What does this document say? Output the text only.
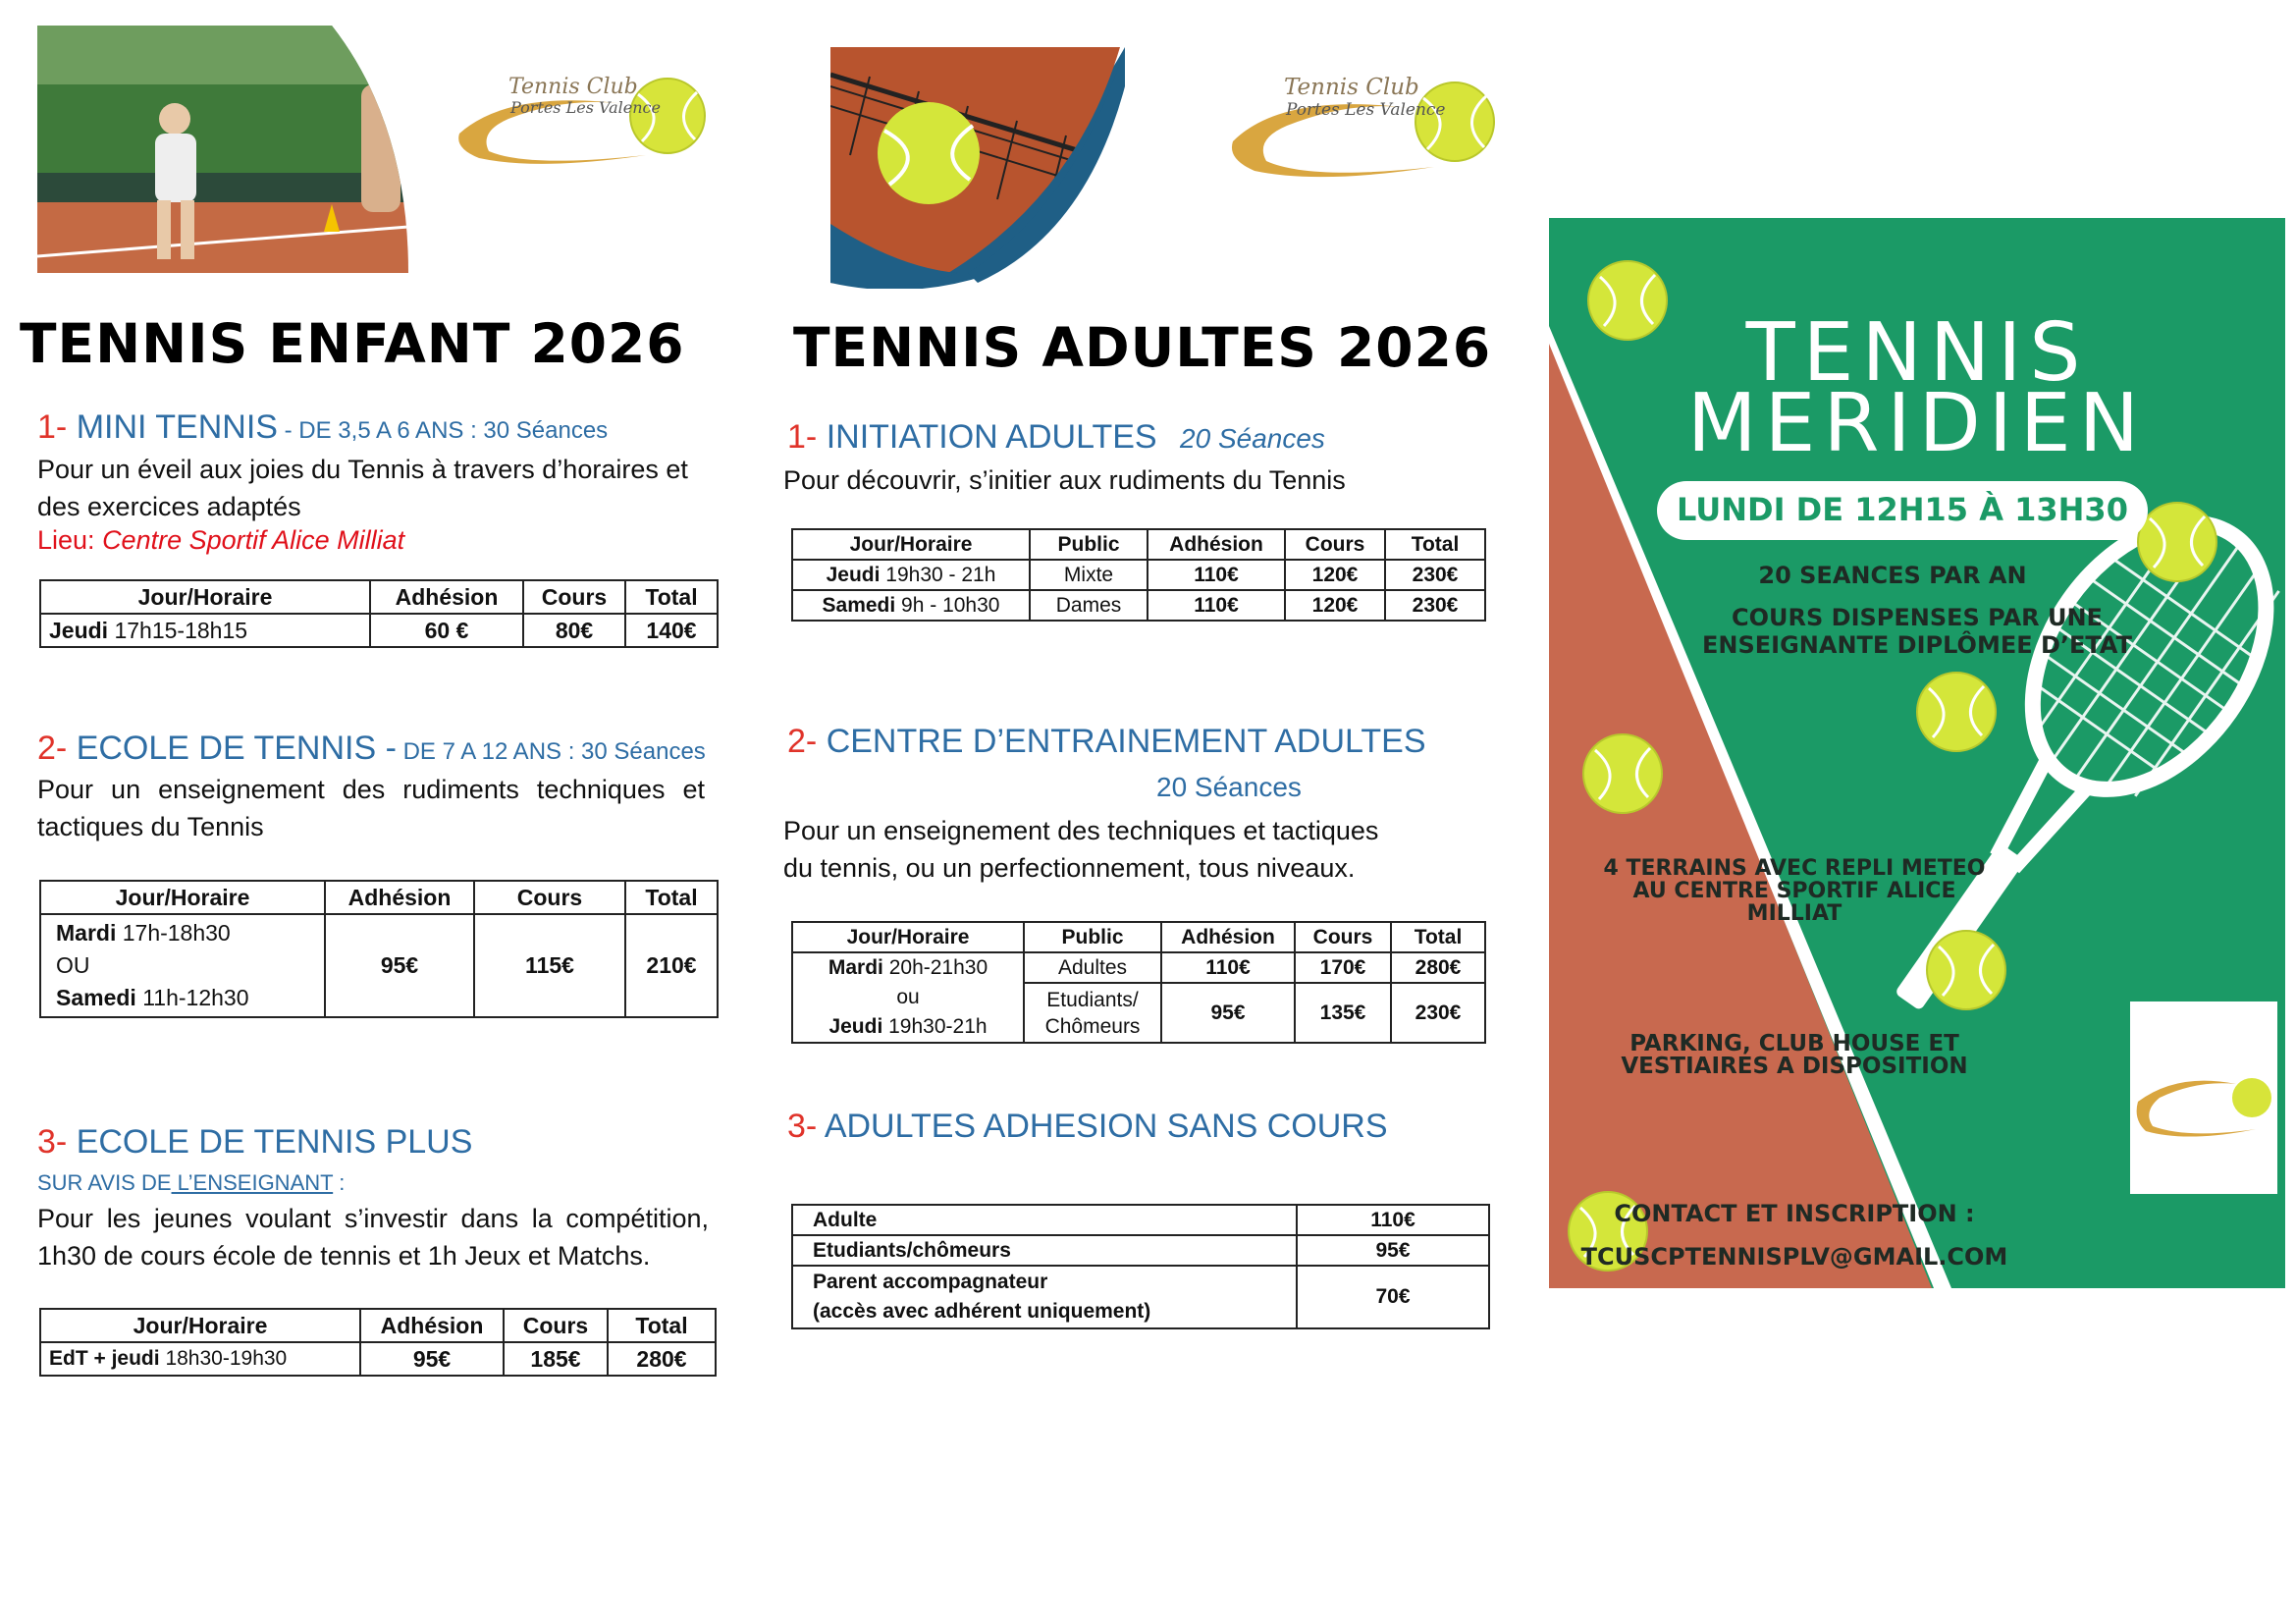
Tennis Club
Portes Les Valence
Tennis Club
Portes Les Valence
TENNIS ENFANT 2026
1- MINI TENNIS - DE 3,5 A 6 ANS : 30 Séances
Pour un éveil aux joies du Tennis à travers d’horaires et des exercices adaptés
Lieu: Centre Sportif Alice Milliat
Jour/Horaire	Adhésion	Cours	Total
Jeudi 17h15-18h15	60 €	80€	140€
2- ECOLE DE TENNIS - DE 7 A 12 ANS : 30 Séances
Pour un enseignement des rudiments techniques et tactiques du Tennis
Jour/Horaire	Adhésion	Cours	Total
Mardi 17h-18h30
OU
Samedi 11h-12h30	95€	115€	210€
3- ECOLE DE TENNIS PLUS
SUR AVIS DE L’ENSEIGNANT :
Pour les jeunes voulant s’investir dans la compétition, 1h30 de cours école de tennis et 1h Jeux et Matchs.
Jour/Horaire	Adhésion	Cours	Total
EdT + jeudi 18h30-19h30	95€	185€	280€
TENNIS ADULTES 2026
1- INITIATION ADULTES 20 Séances
Pour découvrir, s’initier aux rudiments du Tennis
Jour/Horaire	Public	Adhésion	Cours	Total
Jeudi 19h30 - 21h	Mixte	110€	120€	230€
Samedi 9h - 10h30	Dames	110€	120€	230€
2- CENTRE D’ENTRAINEMENT ADULTES
20 Séances
Pour un enseignement des techniques et tactiques du tennis, ou un perfectionnement, tous niveaux.
Jour/Horaire	Public	Adhésion	Cours	Total
Mardi 20h-21h30
ou
Jeudi 19h30-21h	Adultes	110€	170€	280€
	Etudiants/ Chômeurs	95€	135€	230€
3- ADULTES ADHESION SANS COURS
Adulte	110€
Etudiants/chômeurs	95€
Parent accompagnateur
(accès avec adhérent uniquement)	70€
TENNIS
MERIDIEN
LUNDI DE 12H15 À 13H30
20 SEANCES PAR AN
COURS DISPENSES PAR UNE
ENSEIGNANTE DIPLÔMEE D’ETAT
4 TERRAINS AVEC REPLI METEO
AU CENTRE SPORTIF ALICE
MILLIAT
PARKING, CLUB HOUSE ET
VESTIAIRES A DISPOSITION
CONTACT ET INSCRIPTION :
TCUSCPTENNISPLV@GMAIL.COM
